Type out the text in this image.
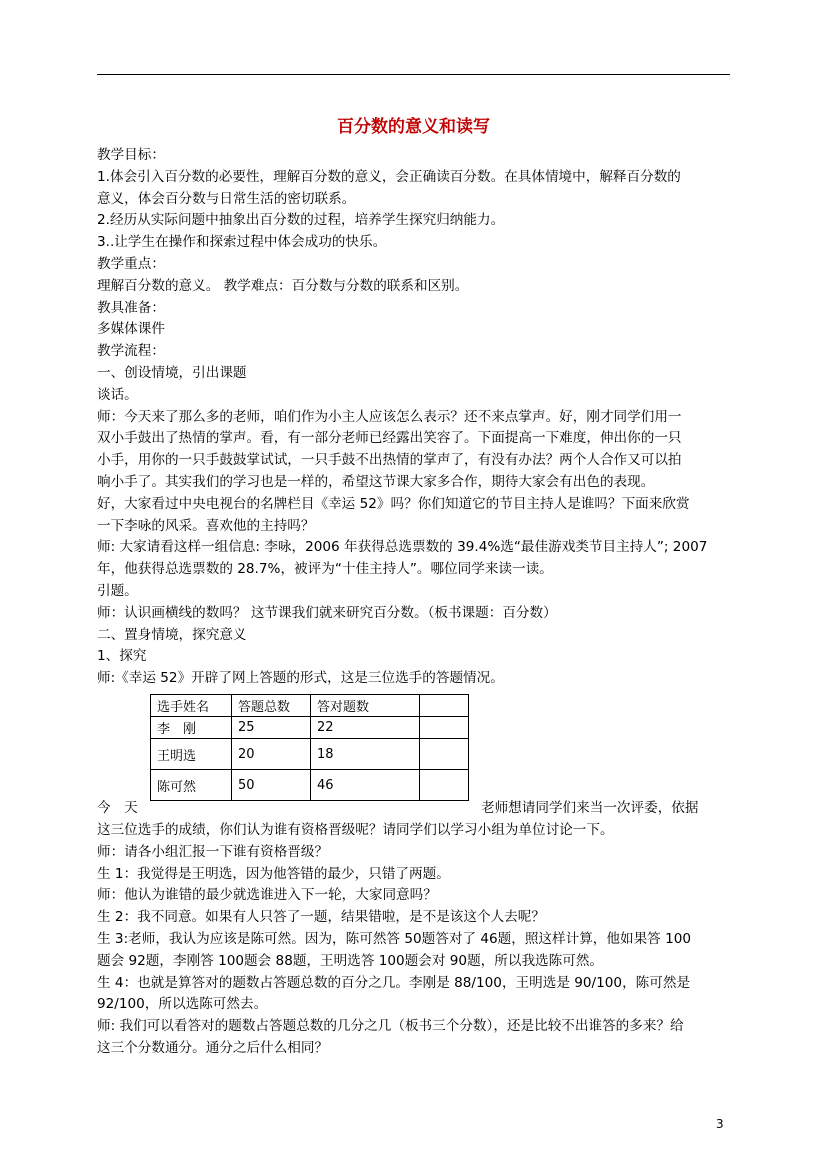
百分数的意义和读写

教学目标：

1.体会引入百分数的必要性，理解百分数的意义，会正确读百分数。在具体情境中，解释百分数的

意义，体会百分数与日常生活的密切联系。

2.经历从实际问题中抽象出百分数的过程，培养学生探究归纳能力。

3..让学生在操作和探索过程中体会成功的快乐。

教学重点：

理解百分数的意义。 教学难点：百分数与分数的联系和区别。

教具准备：

多媒体课件

教学流程：

一、创设情境，引出课题

谈话。

师：今天来了那么多的老师，咱们作为小主人应该怎么表示？还不来点掌声。好，刚才同学们用一

双小手鼓出了热情的掌声。看，有一部分老师已经露出笑容了。下面提高一下难度，伸出你的一只

小手，用你的一只手鼓鼓掌试试，一只手鼓不出热情的掌声了，有没有办法？两个人合作又可以拍

响小手了。其实我们的学习也是一样的，希望这节课大家多合作，期待大家会有出色的表现。

好，大家看过中央电视台的名牌栏目《幸运 52》吗？你们知道它的节目主持人是谁吗？下面来欣赏

一下李咏的风采。喜欢他的主持吗？

师: 大家请看这样一组信息: 李咏，2006 年获得总选票数的 39.4%选“最佳游戏类节目主持人”; 2007

年，他获得总选票数的 28.7%，被评为“十佳主持人”。哪位同学来读一读。

引题。

师：认识画横线的数吗？ 这节课我们就来研究百分数。（板书课题：百分数）

二、置身情境，探究意义

1、探究

师:《幸运 52》开辟了网上答题的形式，这是三位选手的答题情况。

今　天	老师想请同学们来当一次评委，依据

这三位选手的成绩，你们认为谁有资格晋级呢？请同学们以学习小组为单位讨论一下。

师：请各小组汇报一下谁有资格晋级？

生 1：我觉得是王明选，因为他答错的最少，只错了两题。

师：他认为谁错的最少就选谁进入下一轮，大家同意吗？

生 2：我不同意。如果有人只答了一题，结果错啦，是不是该这个人去呢？

生 3:老师，我认为应该是陈可然。因为，陈可然答 50题答对了 46题，照这样计算，他如果答 100

题会 92题，李刚答 100题会 88题，王明选答 100题会对 90题，所以我选陈可然。

生 4：也就是算答对的题数占答题总数的百分之几。李刚是 88/100，王明选是 90/100，陈可然是

92/100，所以选陈可然去。

师: 我们可以看答对的题数占答题总数的几分之几（板书三个分数），还是比较不出谁答的多来？给

这三个分数通分。通分之后什么相同？

选手姓名	答题总数	答对题数	
李　刚	25	22	
王明选	20	18	
陈可然	50	46	
3
